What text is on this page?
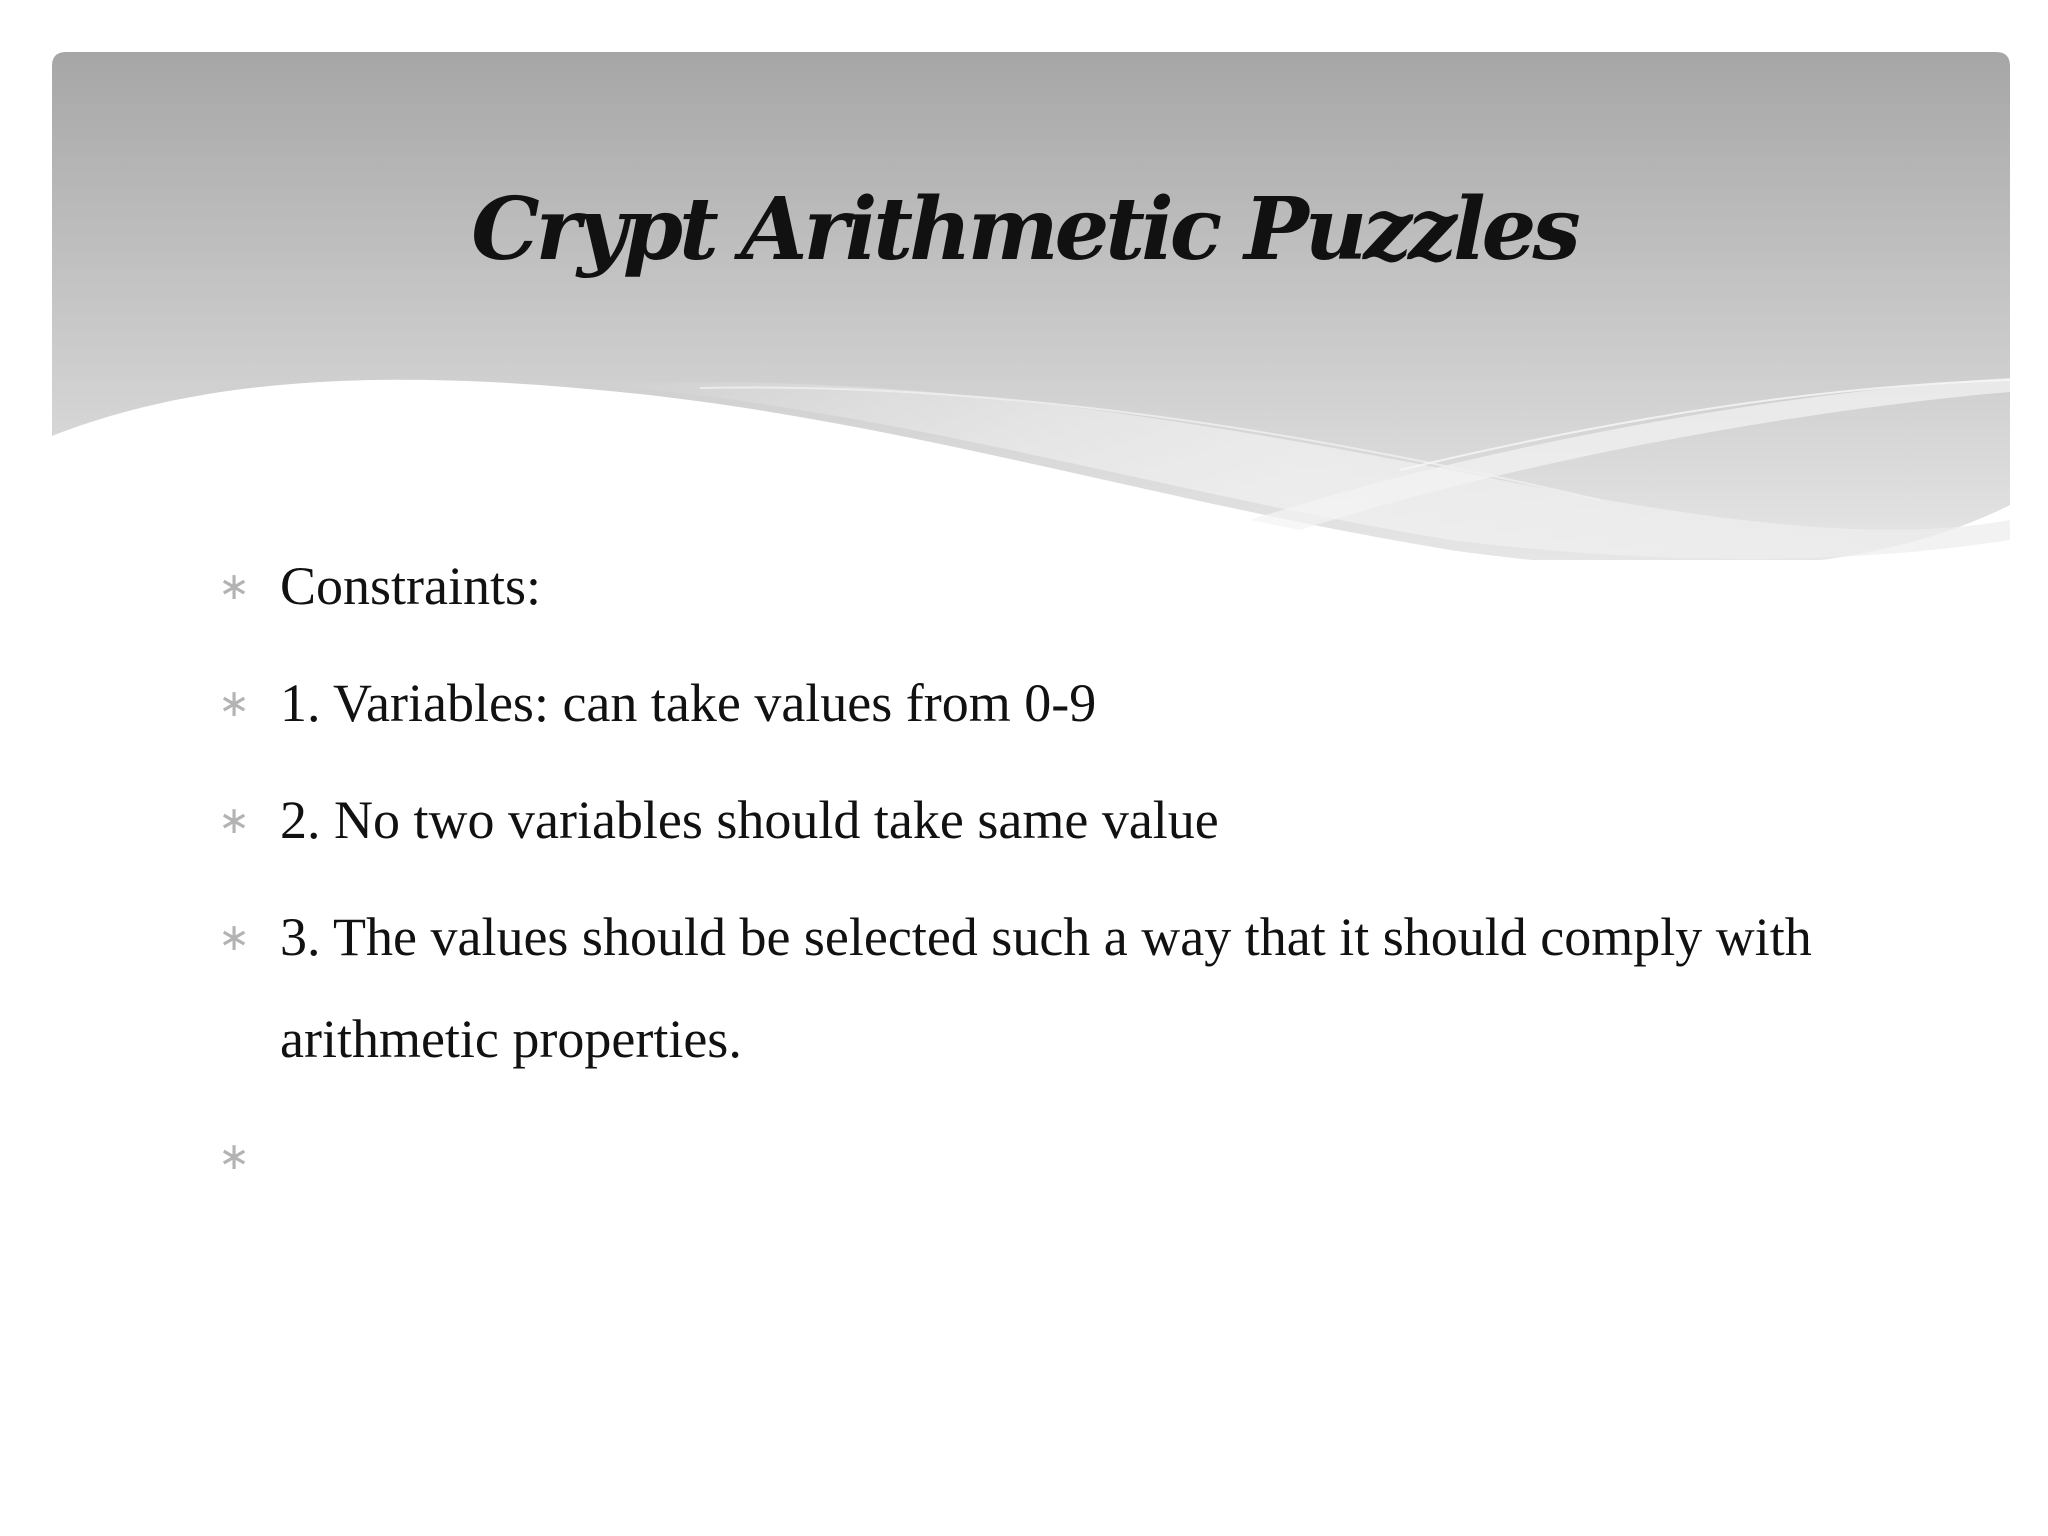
Crypt Arithmetic Puzzles
∗ Constraints:
∗ 1. Variables: can take values from 0-9
∗ 2. No two variables should take same value
∗ 3. The values should be selected such a way that it should comply with arithmetic properties.
∗
